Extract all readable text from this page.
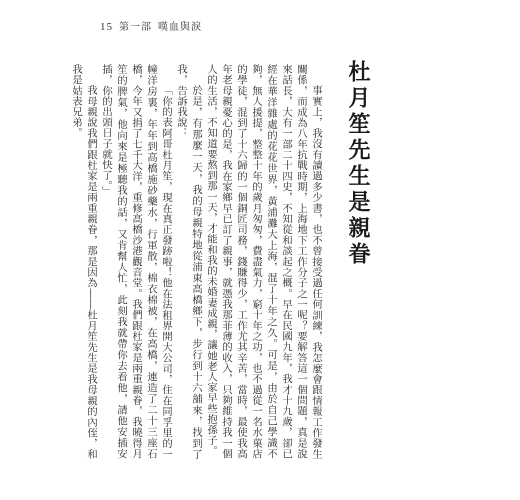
15 第一部 嘆血與淚
杜月笙先生是親眷

事實上，我沒有讀過多少書，也不曾接受過任何訓練，我怎麼會跟情報工作發生關係，而成為八年抗戰時期，上海地下工作分子之一呢？要解答這一個問題，真是說來話長，大有一部二十四史，不知從和談起之概。早在民國九年，我才十九歲，卻已經在華洋雜處的花花世界，黃浦灘大上海，混了十年之久。可是，由於自己學識不夠，無人援提，整整十年的歲月匆匆，費盡氣力，窮十年之功，也不過從一名水菓店的學徒，混到了十六歸的一個銅匠司務，錢賺得少，工作尤其辛苦，當時，最使我高年老母親憂心的是，我在家鄉早已訂了親事，就憑我那菲薄的收入，只夠維持我一個人的生活，不知道要熬到那一天，才能和我的未婚妻成親，讓她老人家早些抱孫子。

於是，有那麼一天，我的母親特地從浦東高橋鄉下，步行到十六舖來，找到了我，告訴我說：

「你的表阿哥杜月笙，現在真正發跡啦！他在法租界開大公司，住在同孚里的一幢洋房裏，年年到高橋施砂藥水，行軍散，棉衣棉被，在高橋，連造了二十三座石橋，今年又捐了七千大洋，重修高橋沙港觀音堂。我們跟杜家是兩重親眷，我曉得月笙的脾氣，他向來是極聽我的話，又肯幫人忙，此刻我就帶你去看他，請他安插安插，你的出頭日子就快了。」

我母親說我們跟杜家是兩重親眷，那是因為――杜月笙先生是我母親的內侄，和我是姑表兄弟。
